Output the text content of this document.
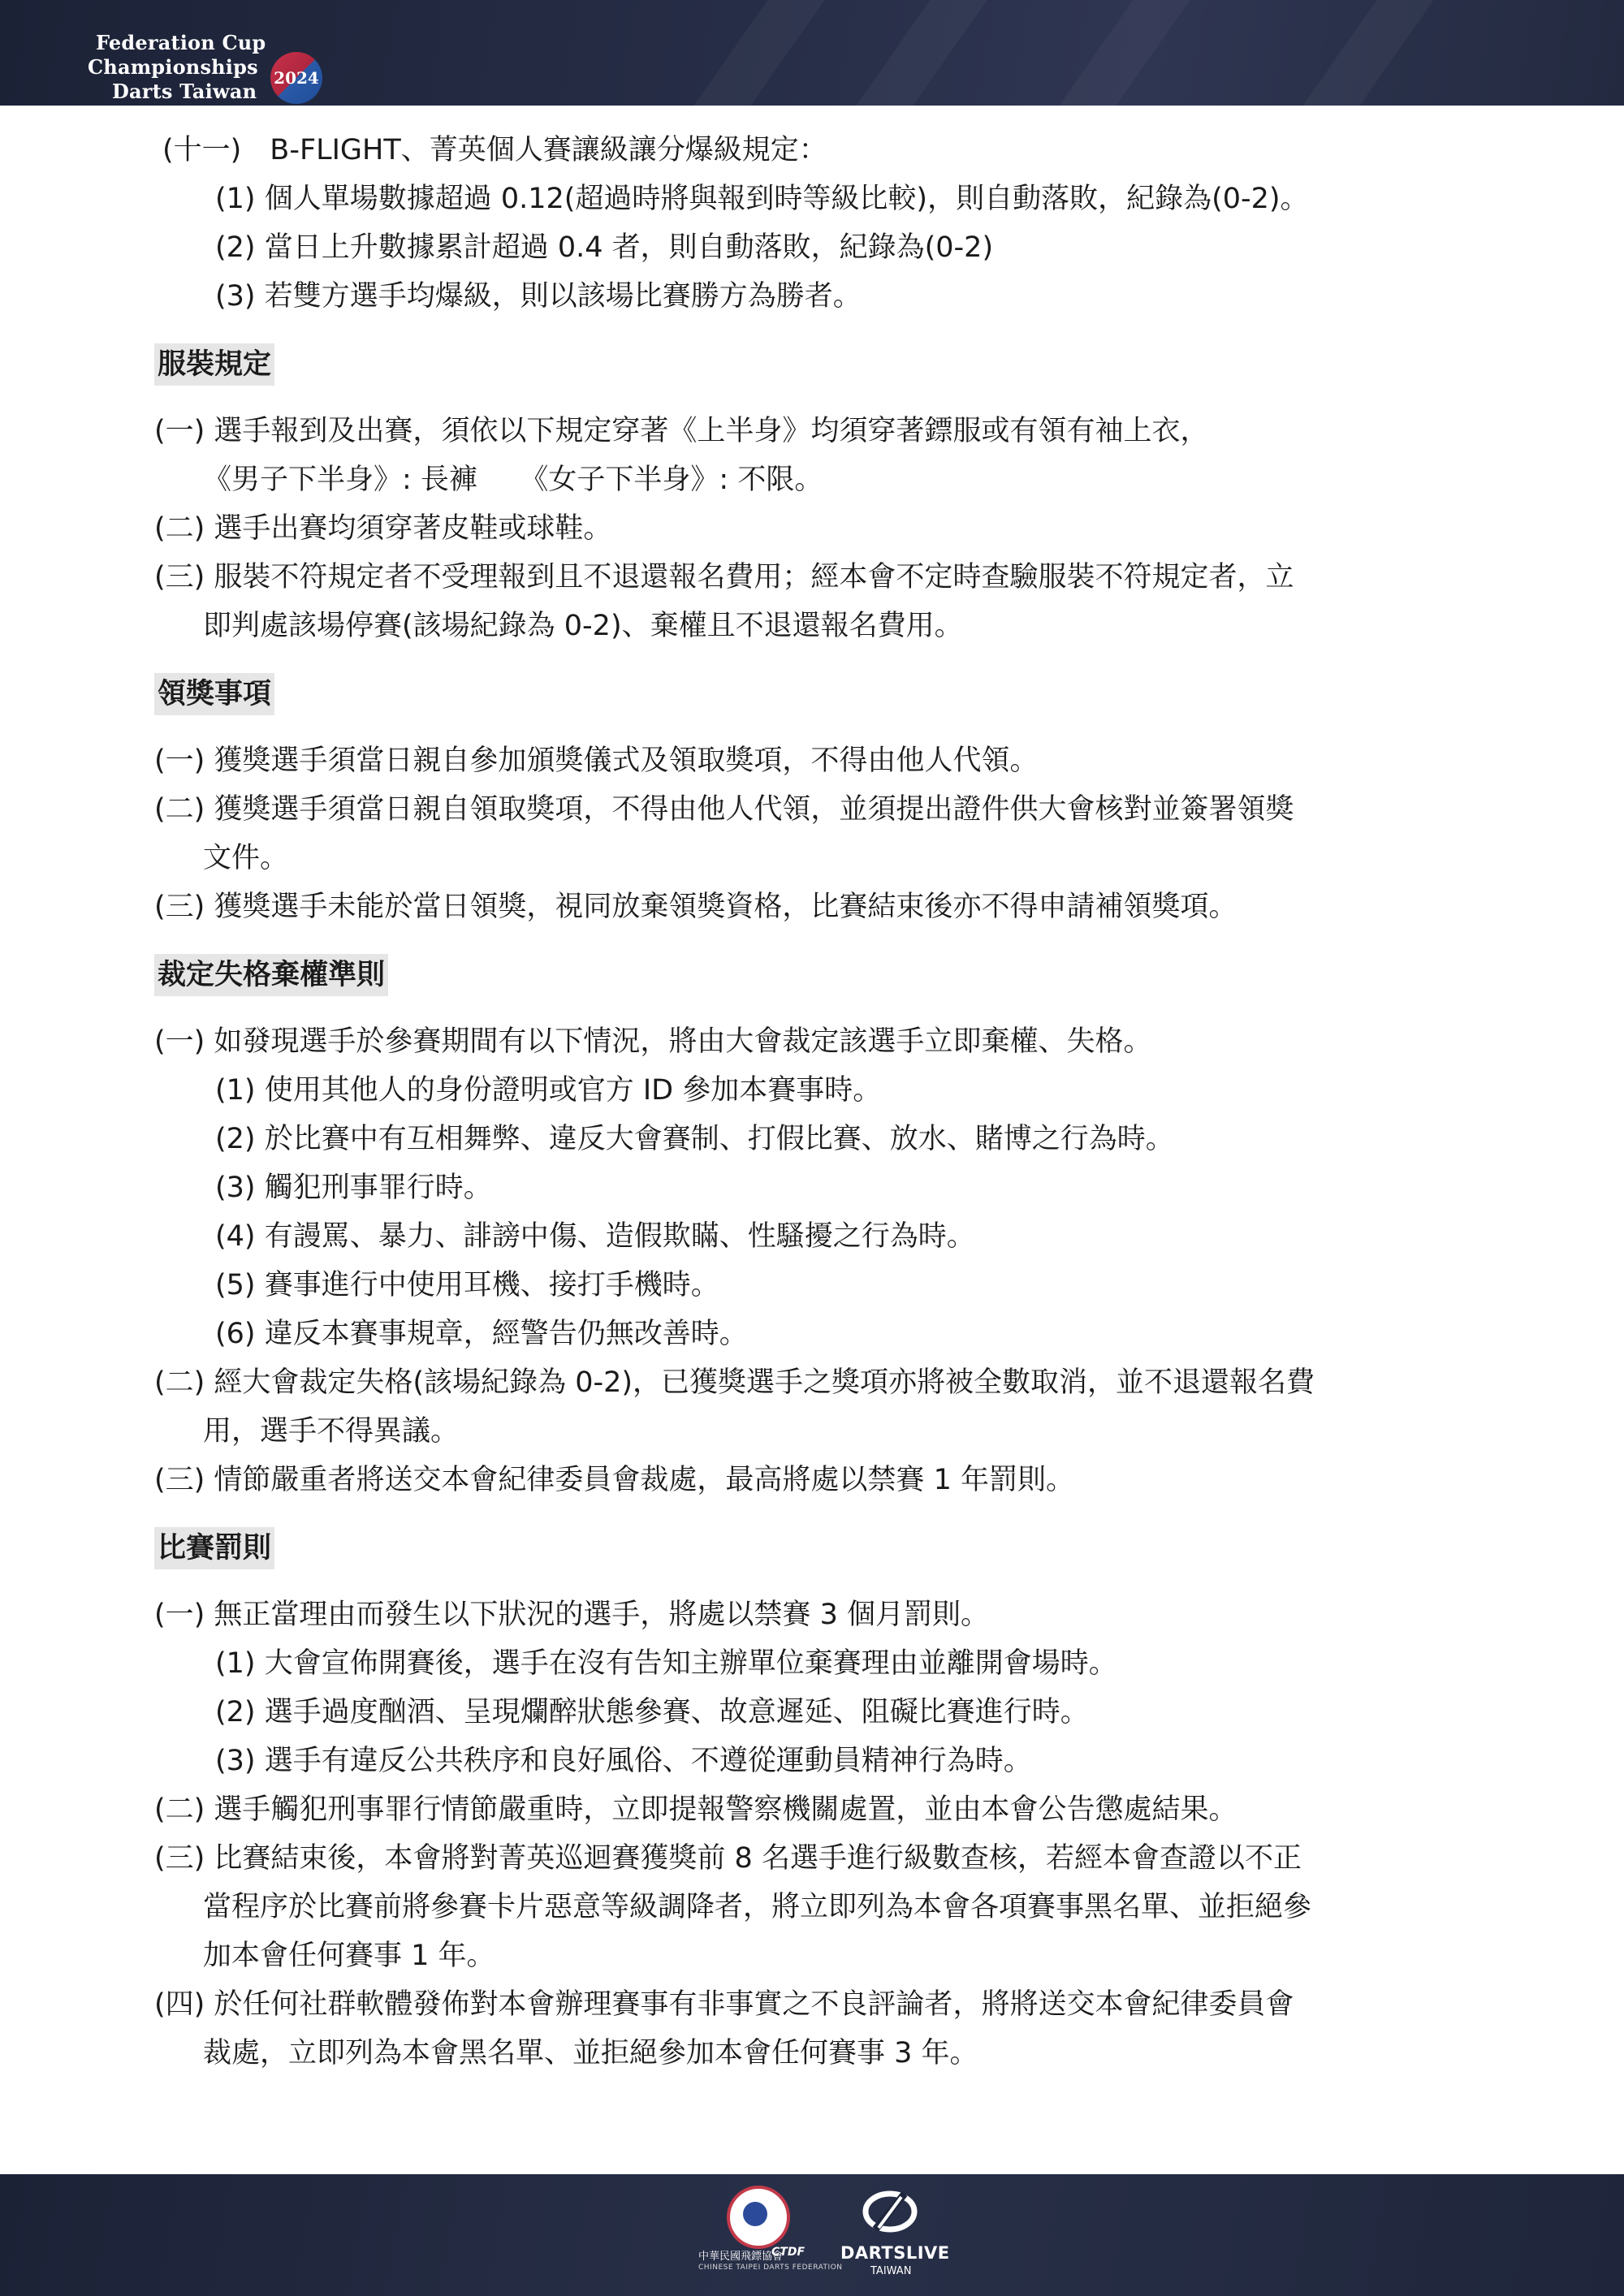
Federation Cup
Championships
Darts Taiwan
2024
(十一)　B-FLIGHT、菁英個人賽讓級讓分爆級規定：
(1) 個人單場數據超過 0.12(超過時將與報到時等級比較)，則自動落敗，紀錄為(0-2)。
(2) 當日上升數據累計超過 0.4 者，則自動落敗，紀錄為(0-2)
(3) 若雙方選手均爆級，則以該場比賽勝方為勝者。
服裝規定
(一) 選手報到及出賽，須依以下規定穿著《上半身》均須穿著鏢服或有領有袖上衣，
《男子下半身》: 長褲　　《女子下半身》: 不限。
(二) 選手出賽均須穿著皮鞋或球鞋。
(三) 服裝不符規定者不受理報到且不退還報名費用；經本會不定時查驗服裝不符規定者，立
即判處該場停賽(該場紀錄為 0-2)、棄權且不退還報名費用。
領獎事項
(一) 獲獎選手須當日親自參加頒獎儀式及領取獎項，不得由他人代領。
(二) 獲獎選手須當日親自領取獎項，不得由他人代領，並須提出證件供大會核對並簽署領獎
文件。
(三) 獲獎選手未能於當日領獎，視同放棄領獎資格，比賽結束後亦不得申請補領獎項。
裁定失格棄權準則
(一) 如發現選手於參賽期間有以下情況，將由大會裁定該選手立即棄權、失格。
(1) 使用其他人的身份證明或官方 ID 參加本賽事時。
(2) 於比賽中有互相舞弊、違反大會賽制、打假比賽、放水、賭博之行為時。
(3) 觸犯刑事罪行時。
(4) 有謾罵、暴力、誹謗中傷、造假欺瞞、性騷擾之行為時。
(5) 賽事進行中使用耳機、接打手機時。
(6) 違反本賽事規章，經警告仍無改善時。
(二) 經大會裁定失格(該場紀錄為 0-2)，已獲獎選手之獎項亦將被全數取消，並不退還報名費
用，選手不得異議。
(三) 情節嚴重者將送交本會紀律委員會裁處，最高將處以禁賽 1 年罰則。
比賽罰則
(一) 無正當理由而發生以下狀況的選手，將處以禁賽 3 個月罰則。
(1) 大會宣佈開賽後，選手在沒有告知主辦單位棄賽理由並離開會場時。
(2) 選手過度酗酒、呈現爛醉狀態參賽、故意遲延、阻礙比賽進行時。
(3) 選手有違反公共秩序和良好風俗、不遵從運動員精神行為時。
(二) 選手觸犯刑事罪行情節嚴重時，立即提報警察機關處置，並由本會公告懲處結果。
(三) 比賽結束後，本會將對菁英巡迴賽獲獎前 8 名選手進行級數查核，若經本會查證以不正
當程序於比賽前將參賽卡片惡意等級調降者，將立即列為本會各項賽事黑名單、並拒絕參
加本會任何賽事 1 年。
(四) 於任何社群軟體發佈對本會辦理賽事有非事實之不良評論者，將將送交本會紀律委員會
裁處，立即列為本會黑名單、並拒絕參加本會任何賽事 3 年。
中華民國飛鏢協會
CTDF
CHINESE TAIPEI DARTS FEDERATION
DARTSLIVE
TAIWAN
